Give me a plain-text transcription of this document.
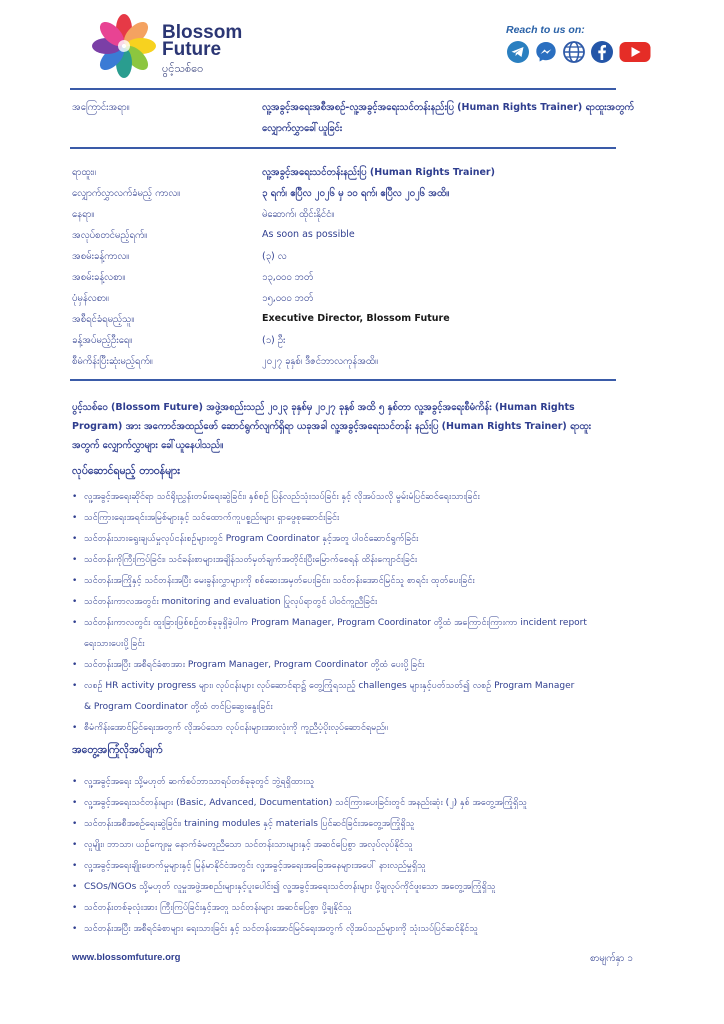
Blossom
Future
ပွင့်သစ်ဝေ
Reach to us on:
အကြောင်းအရာ။	လူ့အခွင့်အရေးအစီအစဉ်-လူ့အခွင့်အရေးသင်တန်းနည်းပြ (Human Rights Trainer) ရာထူးအတွက်
လျှောက်လွှာခေါ်ယူခြင်း
ရာထူး။	လူ့အခွင့်အရေးသင်တန်းနည်းပြ (Human Rights Trainer)
လျှောက်လွှာလက်ခံမည့် ကာလ။	၃ ရက်၊ ဧပြီလ ၂၀၂၆ မှ ၁၀ ရက်၊ ဧပြီလ ၂၀၂၆ အထိ။
နေရာ။	မဲဆောက်၊ ထိုင်းနိုင်ငံ။
အလုပ်စတင်မည့်ရက်။	As soon as possible
အစမ်းခန့်ကာလ။	(၃) လ
အစမ်းခန့်လစာ။	၁၃,၀၀၀ ဘတ်
ပုံမှန်လစာ။	၁၅,၀၀၀ ဘတ်
အစီရင်ခံရမည့်သူ။	Executive Director, Blossom Future
ခန့်အပ်မည့်ဦးရေ။	(၁) ဦး
စီမံကိန်းပြီးဆုံးမည့်ရက်။	၂၀၂၇ ခုနှစ်၊ ဒီဇင်ဘာလကုန်အထိ။
ပွင့်သစ်ဝေ (Blossom Future) အဖွဲ့အစည်းသည် ၂၀၂၃ ခုနှစ်မှ ၂၀၂၇ ခုနှစ် အထိ ၅ နှစ်တာ လူ့အခွင့်အရေးစီမံကိန်း (Human Rights
Program) အား အကောင်အထည်ဖော် ဆောင်ရွက်လျက်ရှိရာ ယခုအခါ လူ့အခွင့်အရေးသင်တန်း နည်းပြ (Human Rights Trainer) ရာထူး
အတွက် လျှောက်လွှာများ ခေါ်ယူနေပါသည်။
လုပ်ဆောင်ရမည့် တာဝန်များ
• လူ့အခွင့်အရေးဆိုင်ရာ သင်ရိုးညွှန်းတမ်းရေးဆွဲခြင်း၊ နှစ်စဉ် ပြန်လည်သုံးသပ်ခြင်း နှင့် လိုအပ်သလို မွမ်းမံပြင်ဆင်ရေးသားခြင်း
• သင်ကြားရေးအရင်းအမြစ်များနှင့် သင်ထောက်ကူပစ္စည်းများ ရှာဖွေစုဆောင်းခြင်း
• သင်တန်းသားရွေးချယ်မှုလုပ်ငန်းစဉ်များတွင် Program Coordinator နှင့်အတူ ပါဝင်ဆောင်ရွက်ခြင်း
• သင်တန်းကိုကြီးကြပ်ခြင်း၊ သင်ခန်းစာများအချိန်သတ်မှတ်ချက်အတိုင်းပြီးမြောက်စေရန် ထိန်းကျောင်းခြင်း
• သင်တန်းအကြိုနှင့် သင်တန်းအပြီး မေးခွန်းလွှာများကို စစ်ဆေးအမှတ်ပေးခြင်း၊ သင်တန်းအောင်မြင်သူ စာရင်း ထုတ်ပေးခြင်း
• သင်တန်းကာလအတွင်း monitoring and evaluation ပြုလုပ်ရာတွင် ပါဝင်ကူညီခြင်း
• သင်တန်းကာလတွင်း ထူးခြားဖြစ်စဉ်တစ်ခုခုရှိခဲ့ပါက Program Manager, Program Coordinator တို့ထံ အကြောင်းကြားကာ incident report
ရေးသားပေးပို့ခြင်း
• သင်တန်းအပြီး အစီရင်ခံစာအား Program Manager, Program Coordinator တို့ထံ ပေးပို့ခြင်း
• လစဉ် HR activity progress များ၊ လုပ်ငန်းများ လုပ်ဆောင်ရာ၌ တွေ့ကြုံရသည့် challenges များနှင့်ပတ်သတ်၍ လစဉ် Program Manager
& Program Coordinator တို့ထံ တင်ပြဆွေးနွေးခြင်း
• စီမံကိန်းအောင်မြင်ရေးအတွက် လိုအပ်သော လုပ်ငန်းများအားလုံးကို ကူညီပံ့ပိုးလုပ်ဆောင်ရမည်။
အတွေ့အကြုံလိုအပ်ချက်
• လူ့အခွင့်အရေး သို့မဟုတ် ဆက်စပ်ဘာသာရပ်တစ်ခုခုတွင် ဘွဲ့ရရှိထားသူ
• လူ့အခွင့်အရေးသင်တန်းများ (Basic, Advanced, Documentation) သင်ကြားပေးခြင်းတွင် အနည်းဆုံး (၂) နှစ် အတွေ့အကြုံရှိသူ
• သင်တန်းအစီအစဉ်ရေးဆွဲခြင်း၊ training modules နှင့် materials ပြင်ဆင်ခြင်းအတွေ့အကြုံရှိသူ
• လူမျိုး၊ ဘာသာ၊ ယဉ်ကျေးမှု နောက်ခံမတူညီသော သင်တန်းသားများနှင့် အဆင်ပြေစွာ အလုပ်လုပ်နိုင်သူ
• လူ့အခွင့်အရေးချိုးဖောက်မှုများနှင့် မြန်မာနိုင်ငံအတွင်း လူ့အခွင့်အရေးအခြေအနေများအပေါ် နားလည်မှုရှိသူ
• CSOs/NGOs သို့မဟုတ် လူမှုအဖွဲ့အစည်းများနှင့်ပူးပေါင်း၍ လူ့အခွင့်အရေးသင်တန်းများ ပို့ချလုပ်ကိုင်ဖူးသော အတွေ့အကြုံရှိသူ
• သင်တန်းတစ်ခုလုံးအား ကြီးကြပ်ခြင်းနှင့်အတူ သင်တန်းများ အဆင်ပြေစွာ ပို့ချနိုင်သူ
• သင်တန်းအပြီး အစီရင်ခံစာများ ရေးသားခြင်း နှင့် သင်တန်းအောင်မြင်ရေးအတွက် လိုအပ်သည်များကို သုံးသပ်ပြင်ဆင်နိုင်သူ
www.blossomfuture.org	စာမျက်နှာ ၁
